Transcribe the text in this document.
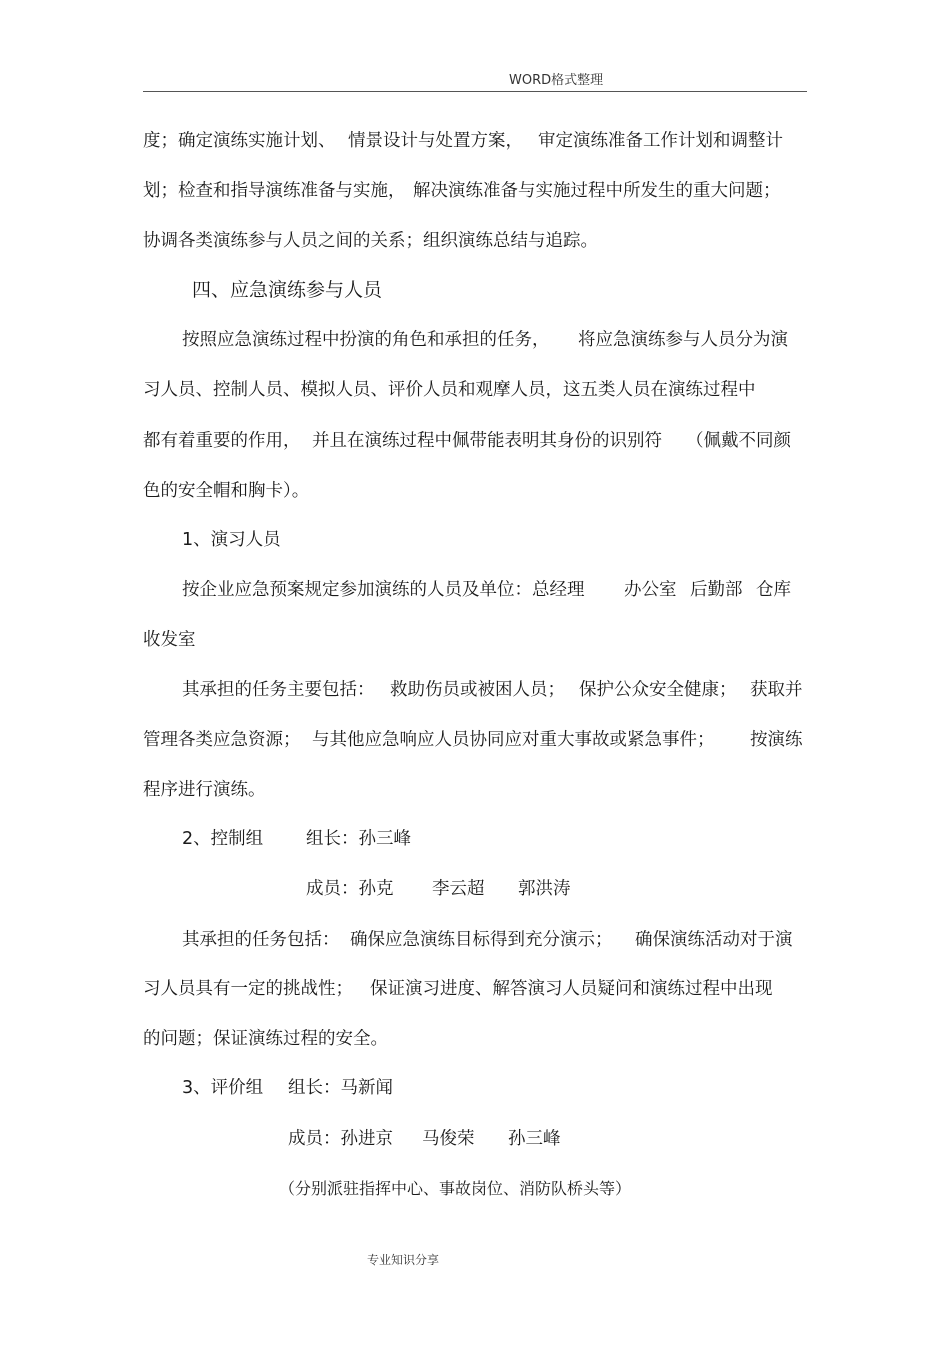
WORD格式整理
度；确定演练实施计划、 情景设计与处置方案， 审定演练准备工作计划和调整计
划；检查和指导演练准备与实施， 解决演练准备与实施过程中所发生的重大问题；
协调各类演练参与人员之间的关系；组织演练总结与追踪。
四、应急演练参与人员
按照应急演练过程中扮演的角色和承担的任务， 将应急演练参与人员分为演
习人员、控制人员、模拟人员、评价人员和观摩人员，这五类人员在演练过程中
都有着重要的作用， 并且在演练过程中佩带能表明其身份的识别符 （佩戴不同颜
色的安全帽和胸卡）。
1、演习人员
按企业应急预案规定参加演练的人员及单位：总经理 办公室 后勤部 仓库
收发室
其承担的任务主要包括： 救助伤员或被困人员； 保护公众安全健康； 获取并
管理各类应急资源； 与其他应急响应人员协同应对重大事故或紧急事件； 按演练
程序进行演练。
2、控制组 组长：孙三峰
成员：孙克 李云超 郭洪涛
其承担的任务包括： 确保应急演练目标得到充分演示； 确保演练活动对于演
习人员具有一定的挑战性； 保证演习进度、解答演习人员疑问和演练过程中出现
的问题；保证演练过程的安全。
3、评价组 组长：马新闻
成员：孙进京 马俊荣 孙三峰
（分别派驻指挥中心、事故岗位、消防队桥头等）
专业知识分享
